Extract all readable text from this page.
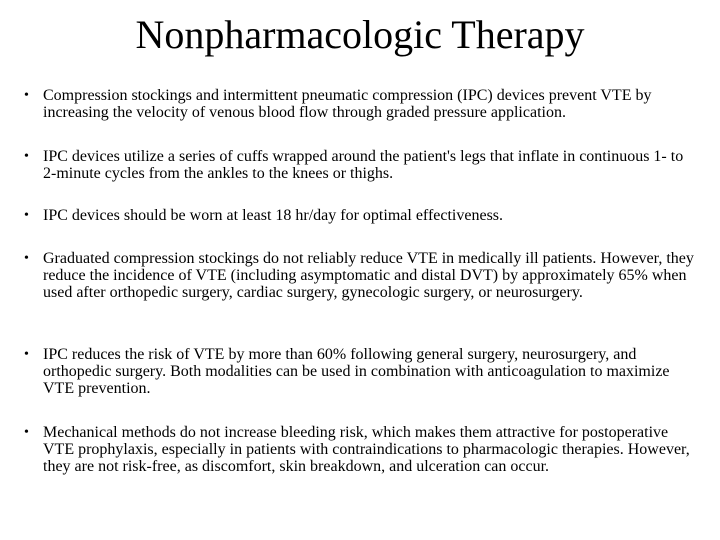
Nonpharmacologic Therapy
• Compression stockings and intermittent pneumatic compression (IPC) devices prevent VTE by increasing the velocity of venous blood flow through graded pressure application.
• IPC devices utilize a series of cuffs wrapped around the patient's legs that inflate in continuous 1- to 2-minute cycles from the ankles to the knees or thighs.
• IPC devices should be worn at least 18 hr/day for optimal effectiveness.
• Graduated compression stockings do not reliably reduce VTE in medically ill patients. However, they reduce the incidence of VTE (including asymptomatic and distal DVT) by approximately 65% when used after orthopedic surgery, cardiac surgery, gynecologic surgery, or neurosurgery.
• IPC reduces the risk of VTE by more than 60% following general surgery, neurosurgery, and orthopedic surgery. Both modalities can be used in combination with anticoagulation to maximize VTE prevention.
• Mechanical methods do not increase bleeding risk, which makes them attractive for postoperative VTE prophylaxis, especially in patients with contraindications to pharmacologic therapies. However, they are not risk-free, as discomfort, skin breakdown, and ulceration can occur.
